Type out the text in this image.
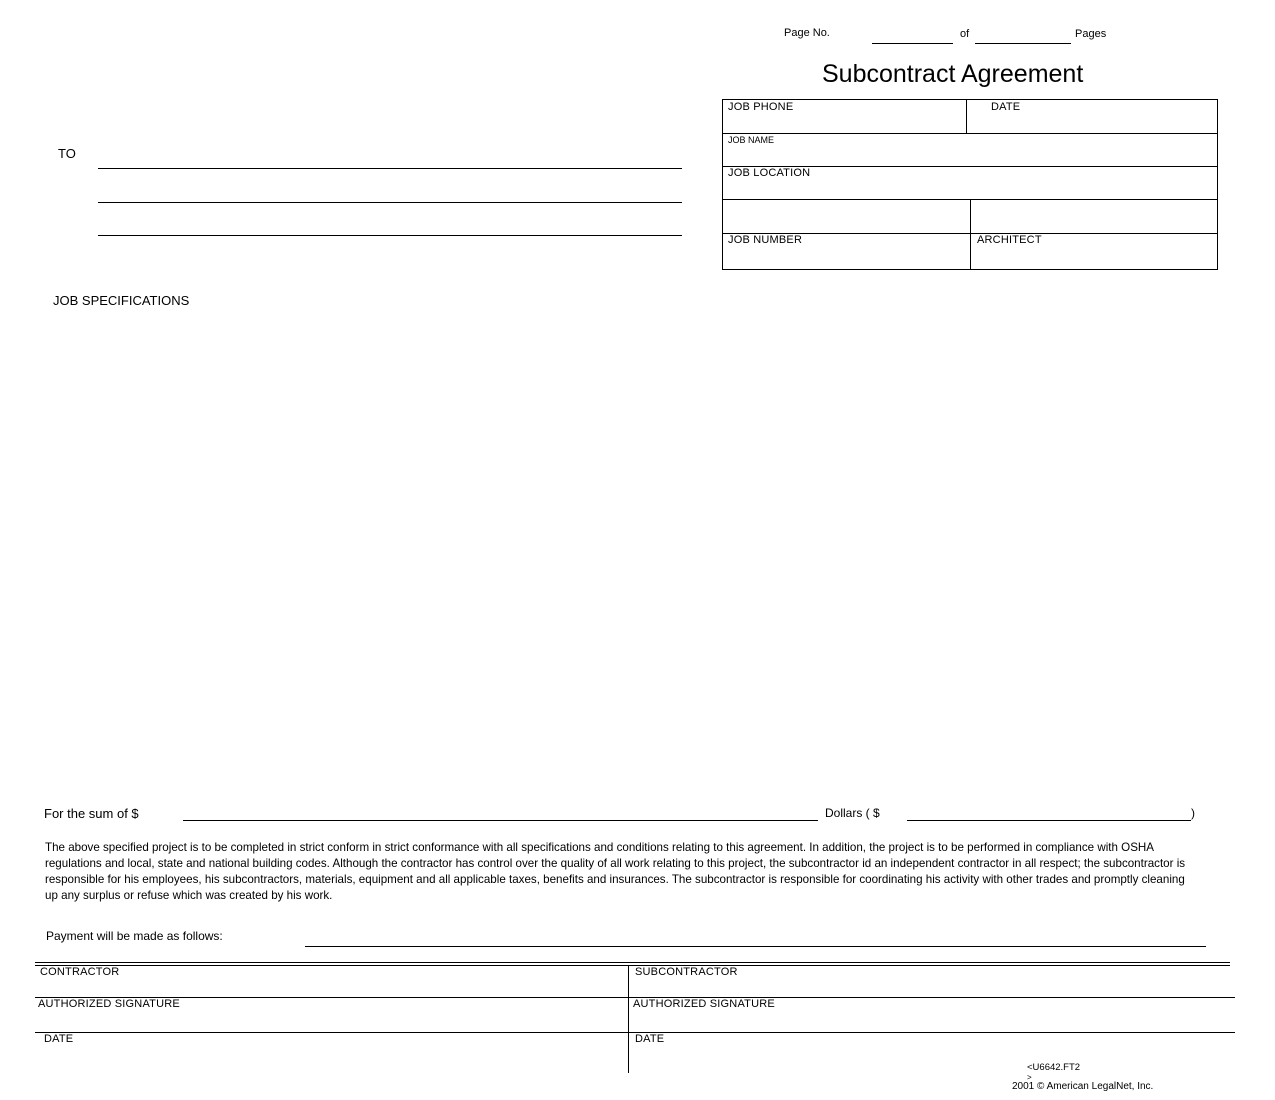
Page No.	of	Pages
Subcontract Agreement
JOB PHONE	DATE
JOB NAME
JOB LOCATION
JOB NUMBER	ARCHITECT
TO
JOB SPECIFICATIONS
For the sum of $	Dollars ( $	)
The above specified project is to be completed in strict conform in strict conformance with all specifications and conditions relating to this agreement. In addition, the project is to be performed in compliance with OSHA regulations and local, state and national building codes. Although the contractor has control over the quality of all work relating to this project, the subcontractor id an independent contractor in all respect; the subcontractor is responsible for his employees, his subcontractors, materials, equipment and all applicable taxes, benefits and insurances. The subcontractor is responsible for coordinating his activity with other trades and promptly cleaning up any surplus or refuse which was created by his work.
Payment will be made as follows:
CONTRACTOR	SUBCONTRACTOR
AUTHORIZED SIGNATURE	AUTHORIZED SIGNATURE
DATE	DATE
<U6642.FT2
>
2001 © American LegalNet, Inc.
